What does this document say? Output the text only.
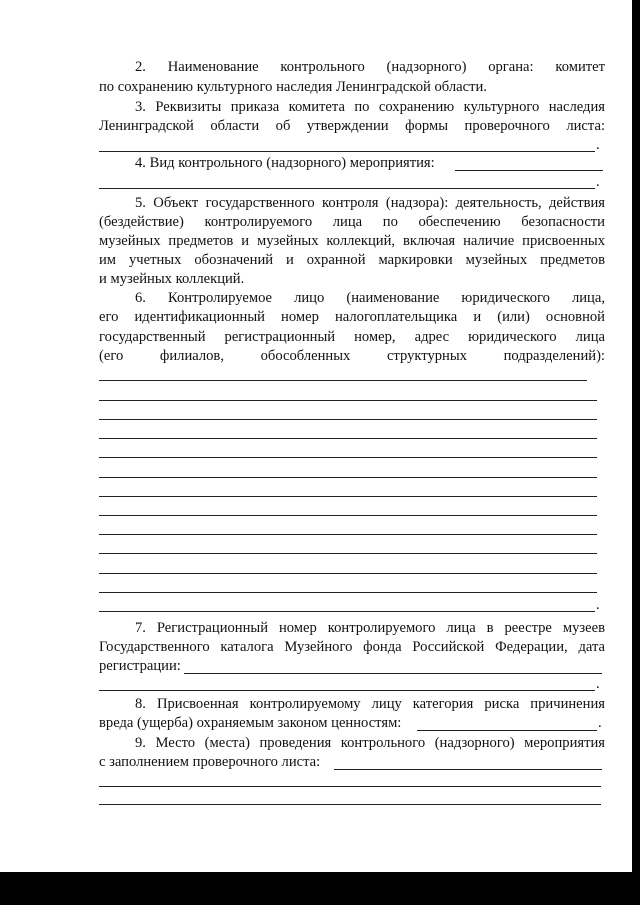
2. Наименование контрольного (надзорного) органа: комитет

по сохранению культурного наследия Ленинградской области.

3. Реквизиты приказа комитета по сохранению культурного наследия

Ленинградской области об утверждении формы проверочного листа:

.

4. Вид контрольного (надзорного) мероприятия:

.

5. Объект государственного контроля (надзора): деятельность, действия

(бездействие) контролируемого лица по обеспечению безопасности

музейных предметов и музейных коллекций, включая наличие присвоенных

им учетных обозначений и охранной маркировки музейных предметов

и музейных коллекций.

6. Контролируемое лицо (наименование юридического лица,

его идентификационный номер налогоплательщика и (или) основной

государственный регистрационный номер, адрес юридического лица

(его филиалов, обособленных структурных подразделений):

.

7. Регистрационный номер контролируемого лица в реестре музеев

Государственного каталога Музейного фонда Российской Федерации, дата

регистрации:

.

8. Присвоенная контролируемому лицу категория риска причинения

вреда (ущерба) охраняемым законом ценностям:	.

9. Место (места) проведения контрольного (надзорного) мероприятия

с заполнением проверочного листа:
